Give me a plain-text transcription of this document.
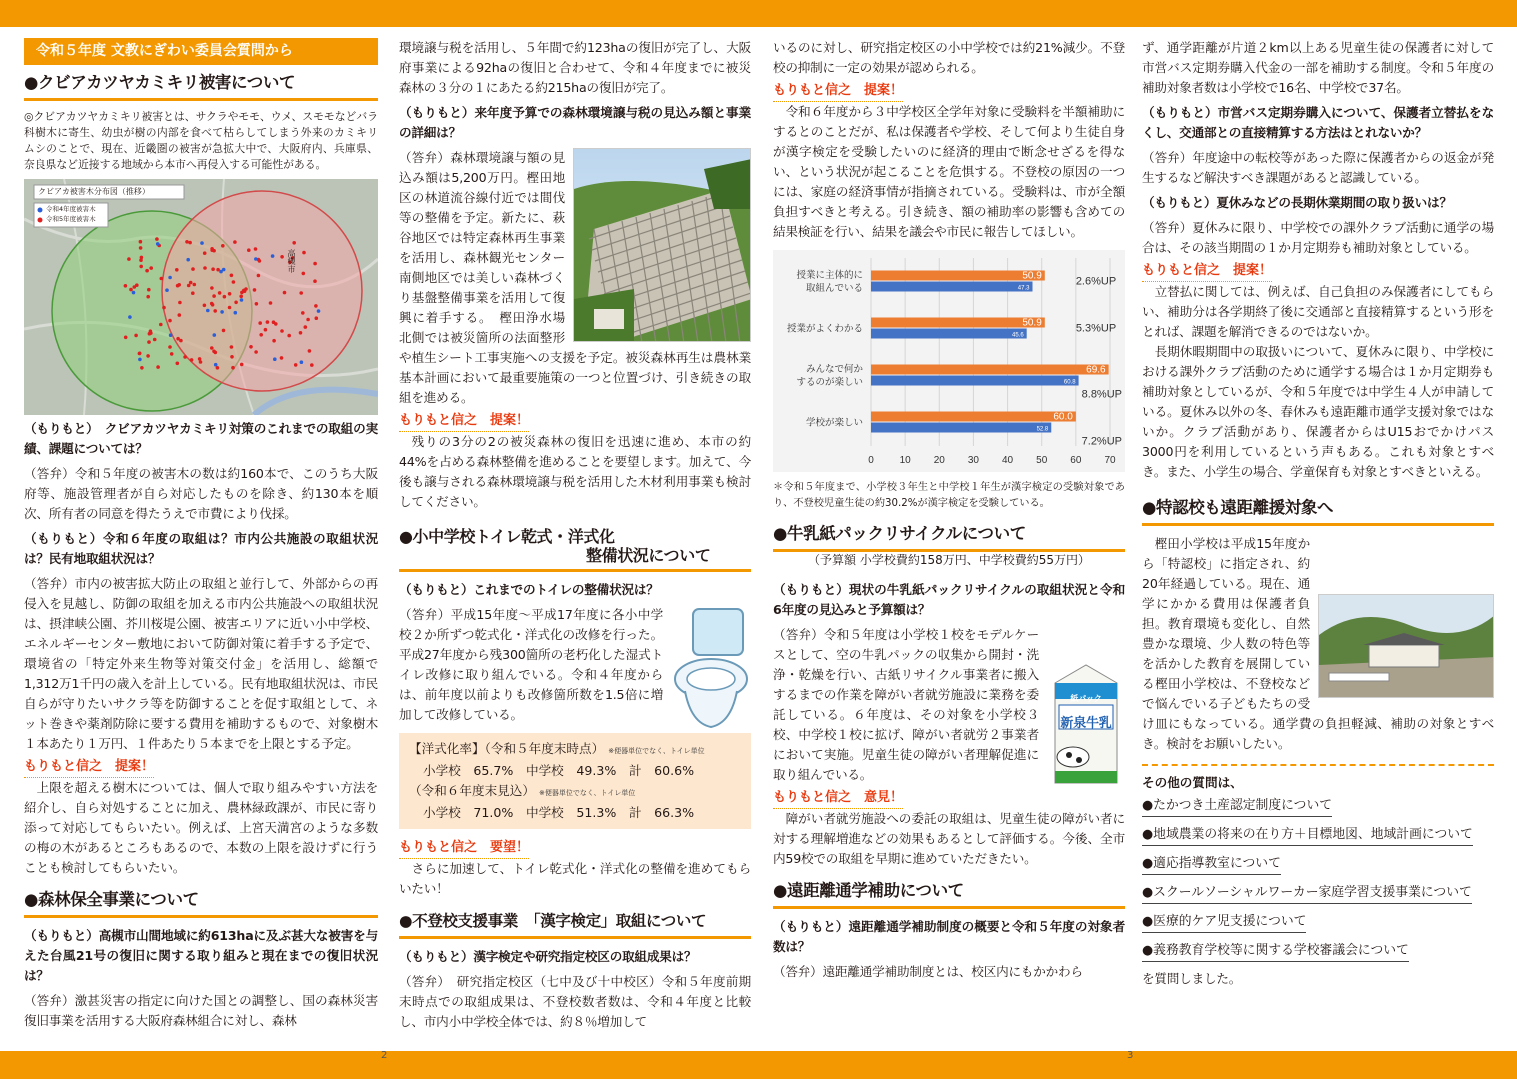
2	3
令和５年度 文教にぎわい委員会質問から
●クビアカツヤカミキリ被害について
◎クビアカツヤカミキリ被害とは、サクラやモモ、ウメ、スモモなどバラ科樹木に寄生、幼虫が樹の内部を食べて枯らしてしまう外来のカミキリムシのことで、現在、近畿圏の被害が急拡大中で、大阪府内、兵庫県、奈良県など近接する地域から本市へ再侵入する可能性がある。
クビアカ被害木分布図（推移）
令和4年度被害木
令和5年度被害木
高槻市
（もりもと）　クビアカツヤカミキリ対策のこれまでの取組の実績、課題については？
（答弁）令和５年度の被害木の数は約160本で、このうち大阪府等、施設管理者が自ら対応したものを除き、約130本を順次、所有者の同意を得たうえで市費により伐採。
（もりもと）令和６年度の取組は？市内公共施設の取組状況は？民有地取組状況は？
（答弁）市内の被害拡大防止の取組と並行して、外部からの再侵入を見越し、防御の取組を加える市内公共施設への取組状況は、摂津峡公園、芥川桜堤公園、被害エリアに近い小中学校、エネルギーセンター敷地において防御対策に着手する予定で、環境省の「特定外来生物等対策交付金」を活用し、総額で1,312万1千円の歳入を計上している。民有地取組状況は、市民自らが守りたいサクラ等を防御することを促す取組として、ネット巻きや薬剤防除に要する費用を補助するもので、対象樹木１本あたり１万円、１件あたり５本までを上限とする予定。
もりもと信之　提案！
上限を超える樹木については、個人で取り組みやすい方法を紹介し、自ら対処することに加え、農林緑政課が、市民に寄り添って対応してもらいたい。例えば、上宮天満宮のような多数の梅の木があるところもあるので、本数の上限を設けずに行うことも検討してもらいたい。
●森林保全事業について
（もりもと）高槻市山間地域に約613haに及ぶ甚大な被害を与えた台風21号の復旧に関する取り組みと現在までの復旧状況は？
（答弁）激甚災害の指定に向けた国との調整し、国の森林災害復旧事業を活用する大阪府森林組合に対し、森林
環境譲与税を活用し、５年間で約123haの復旧が完了し、大阪府事業による92haの復旧と合わせて、令和４年度までに被災森林の３分の１にあたる約215haの復旧が完了。
（もりもと）来年度予算での森林環境譲与税の見込み額と事業の詳細は？
（答弁）森林環境譲与額の見込み額は5,200万円。樫田地区の林道流谷線付近では間伐等の整備を予定。新たに、萩谷地区では特定森林再生事業を活用し、森林観光センター南側地区では美しい森林づくり基盤整備事業を活用して復興に着手する。　樫田浄水場北側では被災箇所の法面整形や植生シート工事実施への支援を予定。被災森林再生は農林業基本計画において最重要施策の一つと位置づけ、引き続きの取組を進める。
もりもと信之　提案！
残りの3分の2の被災森林の復旧を迅速に進め、本市の約44%を占める森林整備を進めることを要望します。加えて、今後も譲与される森林環境譲与税を活用した木材利用事業も検討してください。
●小中学校トイレ乾式・洋式化
整備状況について
（もりもと）これまでのトイレの整備状況は？
（答弁）平成15年度〜平成17年度に各小中学校２か所ずつ乾式化・洋式化の改修を行った。平成27年度から残300箇所の老朽化した湿式トイレ改修に取り組んでいる。令和４年度からは、前年度以前よりも改修箇所数を1.5倍に増加して改修している。
【洋式化率】（令和５年度末時点） ※便器単位でなく、トイレ単位
小学校　65.7%　中学校　49.3%　計　60.6%
（令和６年度末見込） ※便器単位でなく、トイレ単位
小学校　71.0%　中学校　51.3%　計　66.3%
もりもと信之　要望！
さらに加速して、トイレ乾式化・洋式化の整備を進めてもらいたい！
●不登校支援事業　「漢字検定」取組について
（もりもと）漢字検定や研究指定校区の取組成果は？
（答弁）　研究指定校区（七中及び十中校区）令和５年度前期末時点での取組成果は、不登校数者数は、令和４年度と比較し、市内小中学校全体では、約８％増加して
いるのに対し、研究指定校区の小中学校では約21%減少。不登校の抑制に一定の効果が認められる。
もりもと信之　提案！
令和６年度から３中学校区全学年対象に受験料を半額補助にするとのことだが、私は保護者や学校、そして何より生徒自身が漢字検定を受験したいのに経済的理由で断念せざるを得ない、という状況が起こることを危惧する。不登校の原因の一つには、家庭の経済事情が指摘されている。受験料は、市が全額負担すべきと考える。引き続き、額の補助率の影響も含めての結果検証を行い、結果を議会や市民に報告してほしい。
0	10 20 30 40 50 60 70
50.9
47.3
授業に主体的に
取組んでいる
2.6%UP
50.9
45.6
授業がよくわかる	5.3%UP
69.6
60.8
みんなで何か
するのが楽しい
8.8%UP
60.0
52.8
学校が楽しい
7.2%UP
＊令和５年度まで、小学校３年生と中学校１年生が漢字検定の受験対象であり、不登校児童生徒の約30.2%が漢字検定を受験している。
●牛乳紙パックリサイクルについて
（予算額 小学校費約158万円、中学校費約55万円）
（もりもと）現状の牛乳紙パックリサイクルの取組状況と令和6年度の見込みと予算額は？
紙パック
新泉牛乳
（答弁）令和５年度は小学校１校をモデルケースとして、空の牛乳パックの収集から開封・洗浄・乾燥を行い、古紙リサイクル事業者に搬入するまでの作業を障がい者就労施設に業務を委託している。６年度は、その対象を小学校３校、中学校１校に拡げ、障がい者就労２事業者において実施。児童生徒の障がい者理解促進に取り組んでいる。
もりもと信之　意見！
障がい者就労施設への委託の取組は、児童生徒の障がい者に対する理解増進などの効果もあるとして評価する。今後、全市内59校での取組を早期に進めていただきたい。
●遠距離通学補助について
（もりもと）遠距離通学補助制度の概要と令和５年度の対象者数は？
（答弁）遠距離通学補助制度とは、校区内にもかかわら
ず、通学距離が片道２km以上ある児童生徒の保護者に対して市営バス定期券購入代金の一部を補助する制度。令和５年度の補助対象者数は小学校で16名、中学校で37名。
（もりもと）市営バス定期券購入について、保護者立替払をなくし、交通部との直接精算する方法はとれないか？
（答弁）年度途中の転校等があった際に保護者からの返金が発生するなど解決すべき課題があると認識している。
（もりもと）夏休みなどの長期休業期間の取り扱いは？
（答弁）夏休みに限り、中学校での課外クラブ活動に通学の場合は、その該当期間の１か月定期券も補助対象としている。
もりもと信之　提案！
立替払に関しては、例えば、自己負担のみ保護者にしてもらい、補助分は各学期終了後に交通部と直接精算するという形をとれば、課題を解消できるのではないか。
長期休暇期間中の取扱いについて、夏休みに限り、中学校における課外クラブ活動のために通学する場合は１か月定期券も補助対象としているが、令和５年度では中学生４人が申請している。夏休み以外の冬、春休みも遠距離市通学支援対象ではないか。クラブ活動があり、保護者からはU15おでかけパス3000円を利用しているという声もある。これも対象とすべき。また、小学生の場合、学童保育も対象とすべきといえる。
●特認校も遠距離援対象へ
樫田小学校は平成15年度から「特認校」に指定され、約20年経過している。現在、通学にかかる費用は保護者負担。教育環境も変化し、自然豊かな環境、少人数の特色等を活かした教育を展開している樫田小学校は、不登校などで悩んでいる子どもたちの受け皿にもなっている。通学費の負担軽減、補助の対象とすべき。検討をお願いしたい。
その他の質問は、
●たかつき土産認定制度について
●地域農業の将来の在り方＋目標地図、地域計画について
●適応指導教室について
●スクールソーシャルワーカー家庭学習支援事業について
●医療的ケア児支援について
●義務教育学校等に関する学校審議会について
を質問しました。
